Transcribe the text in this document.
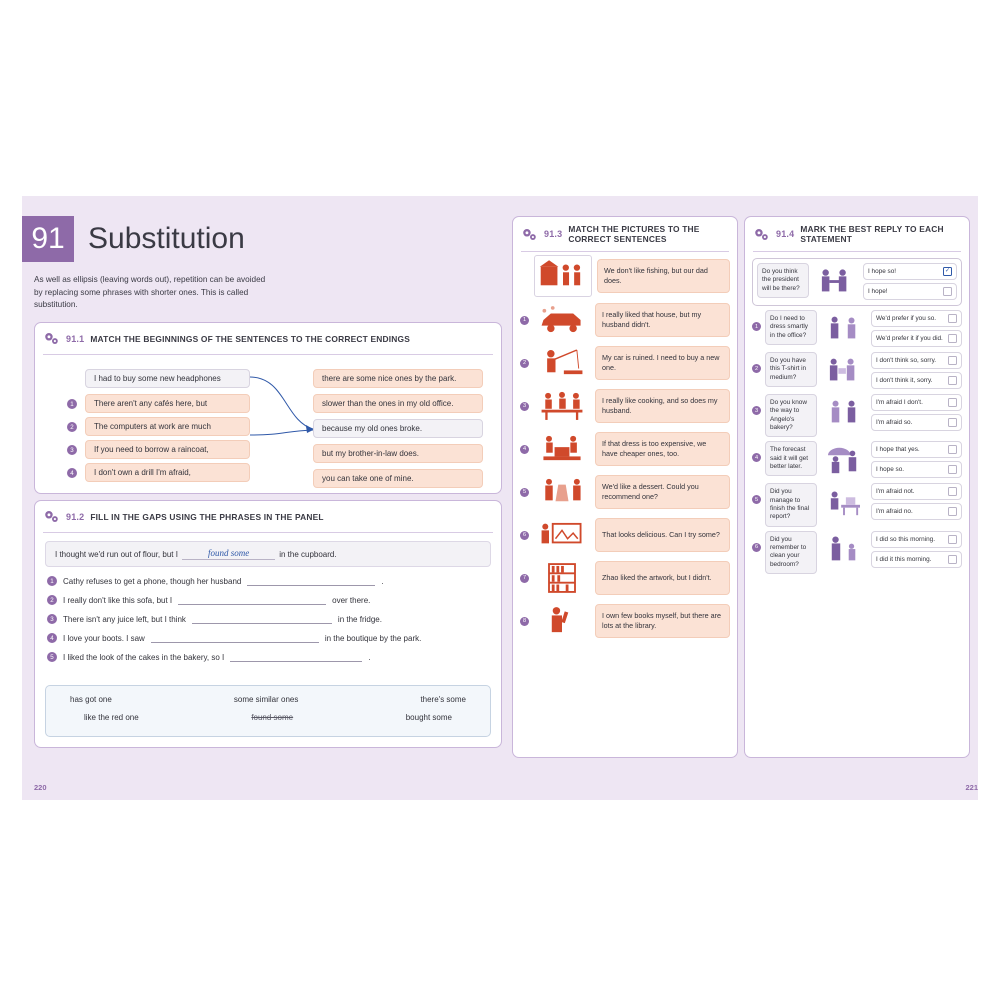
91 Substitution
As well as ellipsis (leaving words out), repetition can be avoided by replacing some phrases with shorter ones. This is called substitution.
91.1 MATCH THE BEGINNINGS OF THE SENTENCES TO THE CORRECT ENDINGS
I had to buy some new headphones
1	There aren't any cafés here, but
2	The computers at work are much
3	If you need to borrow a raincoat,
4	I don't own a drill I'm afraid,
there are some nice ones by the park.
slower than the ones in my old office.
because my old ones broke.
but my brother-in-law does.
you can take one of mine.
91.2 FILL IN THE GAPS USING THE PHRASES IN THE PANEL
I thought we'd run out of flour, but I	found some	in the cupboard.
1	Cathy refuses to get a phone, though her husband	.
2	I really don't like this sofa, but I	over there.
3	There isn't any juice left, but I think	in the fridge.
4	I love your boots. I saw	in the boutique by the park.
5	I liked the look of the cakes in the bakery, so I	.
has got one	some similar ones	there's some
like the red one	found some	bought some
220
91.3 MATCH THE PICTURES TO THE CORRECT SENTENCES
We don't like fishing, but our dad does.
1
I really liked that house, but my husband didn't.
2
My car is ruined. I need to buy a new one.
3
I really like cooking, and so does my husband.
4
If that dress is too expensive, we have cheaper ones, too.
5
We'd like a dessert. Could you recommend one?
6	That looks delicious. Can I try some?
7	Zhao liked the artwork, but I didn't.
8
I own few books myself, but there are lots at the library.
91.4 MARK THE BEST REPLY TO EACH STATEMENT
Do you think the president will be there?
I hope so!	✓
I hope!
1
Do I need to dress smartly in the office?
We'd prefer if you so.
We'd prefer it if you did.
2
Do you have this T-shirt in medium?
I don't think so, sorry.
I don't think it, sorry.
3
Do you know the way to Angelo's bakery?
I'm afraid I don't.
I'm afraid so.
4
The forecast said it will get better later.
I hope that yes.
I hope so.
5
Did you manage to finish the final report?
I'm afraid not.
I'm afraid no.
6
Did you remember to clean your bedroom?
I did so this morning.
I did it this morning.
221
